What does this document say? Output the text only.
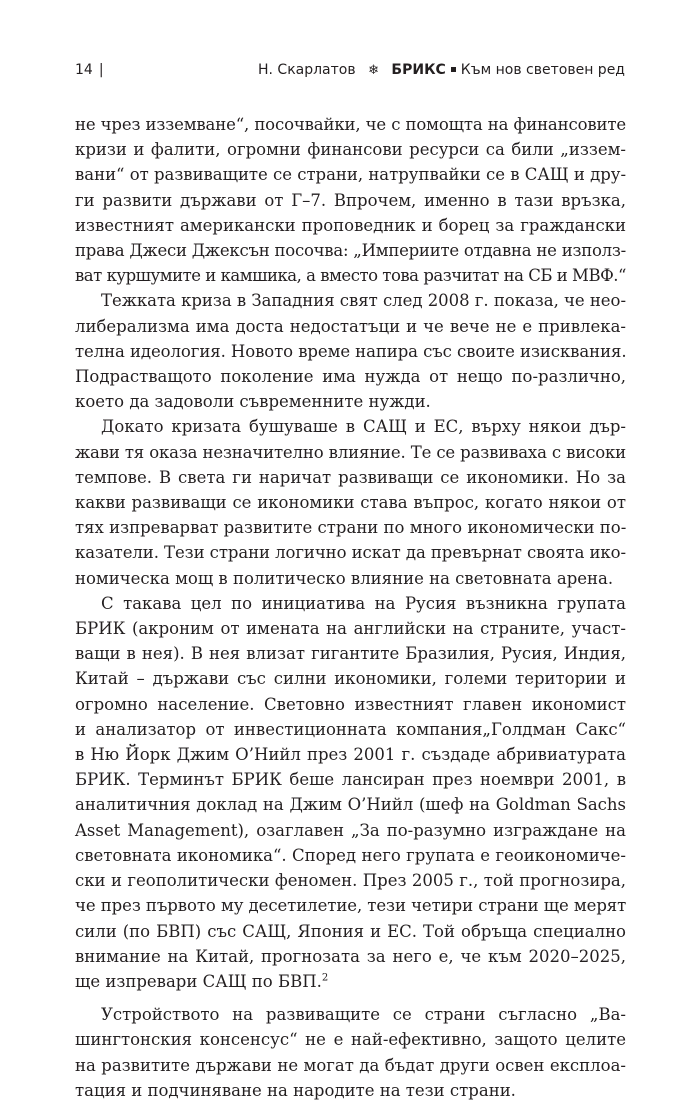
14 |	Н. Скарлатов ❄ БРИКС Към нов световен ред

не чрез изземване“, посочвайки, че с помощта на финансовите
кризи и фалити, огромни финансови ресурси са били „иззем-
вани“ от развиващите се страни, натрупвайки се в САЩ и дру-
ги развити държави от Г–7. Впрочем, именно в тази връзка,
известният американски проповедник и борец за граждански
права Джеси Джексън посочва: „Империите отдавна не използ-
ват куршумите и камшика, а вместо това разчитат на СБ и МВФ.“

Тежката криза в Западния свят след 2008 г. показа, че нео-
либерализма има доста недостатъци и че вече не е привлека-
телна идеология. Новото време напира със своите изисквания.
Подрастващото поколение има нужда от нещо по-различно,
което да задоволи съвременните нужди.

Докато кризата бушуваше в САЩ и ЕС, върху някои дър-
жави тя оказа незначително влияние. Те се развиваха с високи
темпове. В света ги наричат развиващи се икономики. Но за
какви развиващи се икономики става въпрос, когато някои от
тях изпреварват развитите страни по много икономически по-
казатели. Тези страни логично искат да превърнат своята ико-
номическа мощ в политическо влияние на световната арена.

С такава цел по инициатива на Русия възникна групата
БРИК (акроним от имената на английски на страните, участ-
ващи в нея). В нея влизат гигантите Бразилия, Русия, Индия,
Китай – държави със силни икономики, големи територии и
огромно население. Световно известният главен икономист
и анализатор от инвестиционната компания„Голдман Сакс“
в Ню Йорк Джим О’Нийл през 2001 г. създаде абривиатурата
БРИК. Терминът БРИК беше лансиран през ноември 2001, в
аналитичния доклад на Джим О’Нийл (шеф на Goldman Sachs
Asset Management), озаглавен „За по-разумно изграждане на
световната икономика“. Според него групата е геоикономиче-
ски и геополитически феномен. През 2005 г., той прогнозира,
че през първото му десетилетие, тези четири страни ще мерят
сили (по БВП) със САЩ, Япония и ЕС. Той обръща специално
внимание на Китай, прогнозата за него е, че към 2020–2025,
ще изпревари САЩ по БВП.$^2$

Устройството на развиващите се страни съгласно „Ва-
шингтонския консенсус“ не е най-ефективно, защото целите
на развитите държави не могат да бъдат други освен експлоа-
тация и подчиняване на народите на тези страни.
